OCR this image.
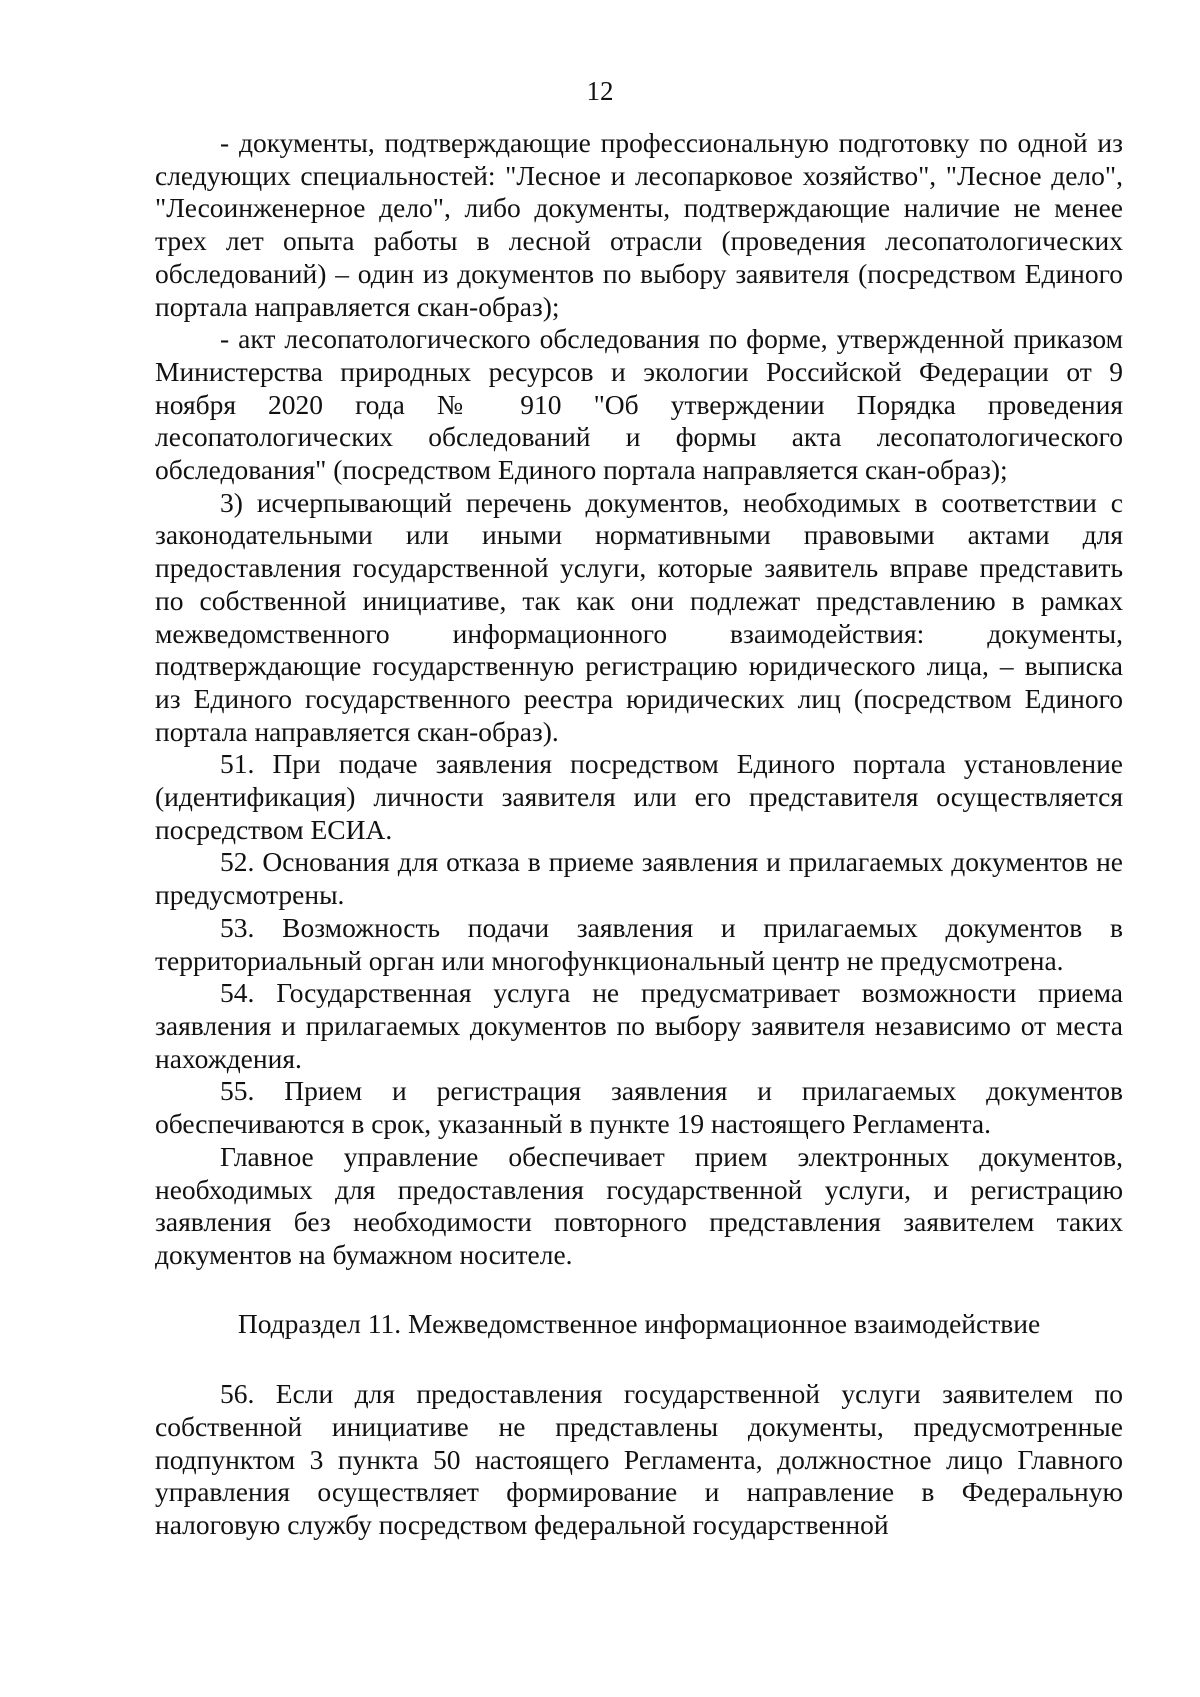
12

- документы, подтверждающие профессиональную подготовку по одной из следующих специальностей: "Лесное и лесопарковое хозяйство", "Лесное дело", "Лесоинженерное дело", либо документы, подтверждающие наличие не менее трех лет опыта работы в лесной отрасли (проведения лесопатологических обследований) – один из документов по выбору заявителя (посредством Единого портала направляется скан-образ);

- акт лесопатологического обследования по форме, утвержденной приказом Министерства природных ресурсов и экологии Российской Федерации от 9 ноября 2020 года № 910 "Об утверждении Порядка проведения лесопатологических обследований и формы акта лесопатологического обследования" (посредством Единого портала направляется скан-образ);

3) исчерпывающий перечень документов, необходимых в соответствии с законодательными или иными нормативными правовыми актами для предоставления государственной услуги, которые заявитель вправе представить по собственной инициативе, так как они подлежат представлению в рамках межведомственного информационного взаимодействия: документы, подтверждающие государственную регистрацию юридического лица, – выписка из Единого государственного реестра юридических лиц (посредством Единого портала направляется скан-образ).

51. При подаче заявления посредством Единого портала установление (идентификация) личности заявителя или его представителя осуществляется посредством ЕСИА.

52. Основания для отказа в приеме заявления и прилагаемых документов не предусмотрены.

53. Возможность подачи заявления и прилагаемых документов в территориальный орган или многофункциональный центр не предусмотрена.

54. Государственная услуга не предусматривает возможности приема заявления и прилагаемых документов по выбору заявителя независимо от места нахождения.

55. Прием и регистрация заявления и прилагаемых документов обеспечиваются в срок, указанный в пункте 19 настоящего Регламента.

Главное управление обеспечивает прием электронных документов, необходимых для предоставления государственной услуги, и регистрацию заявления без необходимости повторного представления заявителем таких документов на бумажном носителе.

Подраздел 11. Межведомственное информационное взаимодействие

56. Если для предоставления государственной услуги заявителем по собственной инициативе не представлены документы, предусмотренные подпунктом 3 пункта 50 настоящего Регламента, должностное лицо Главного управления осуществляет формирование и направление в Федеральную налоговую службу посредством федеральной государственной
